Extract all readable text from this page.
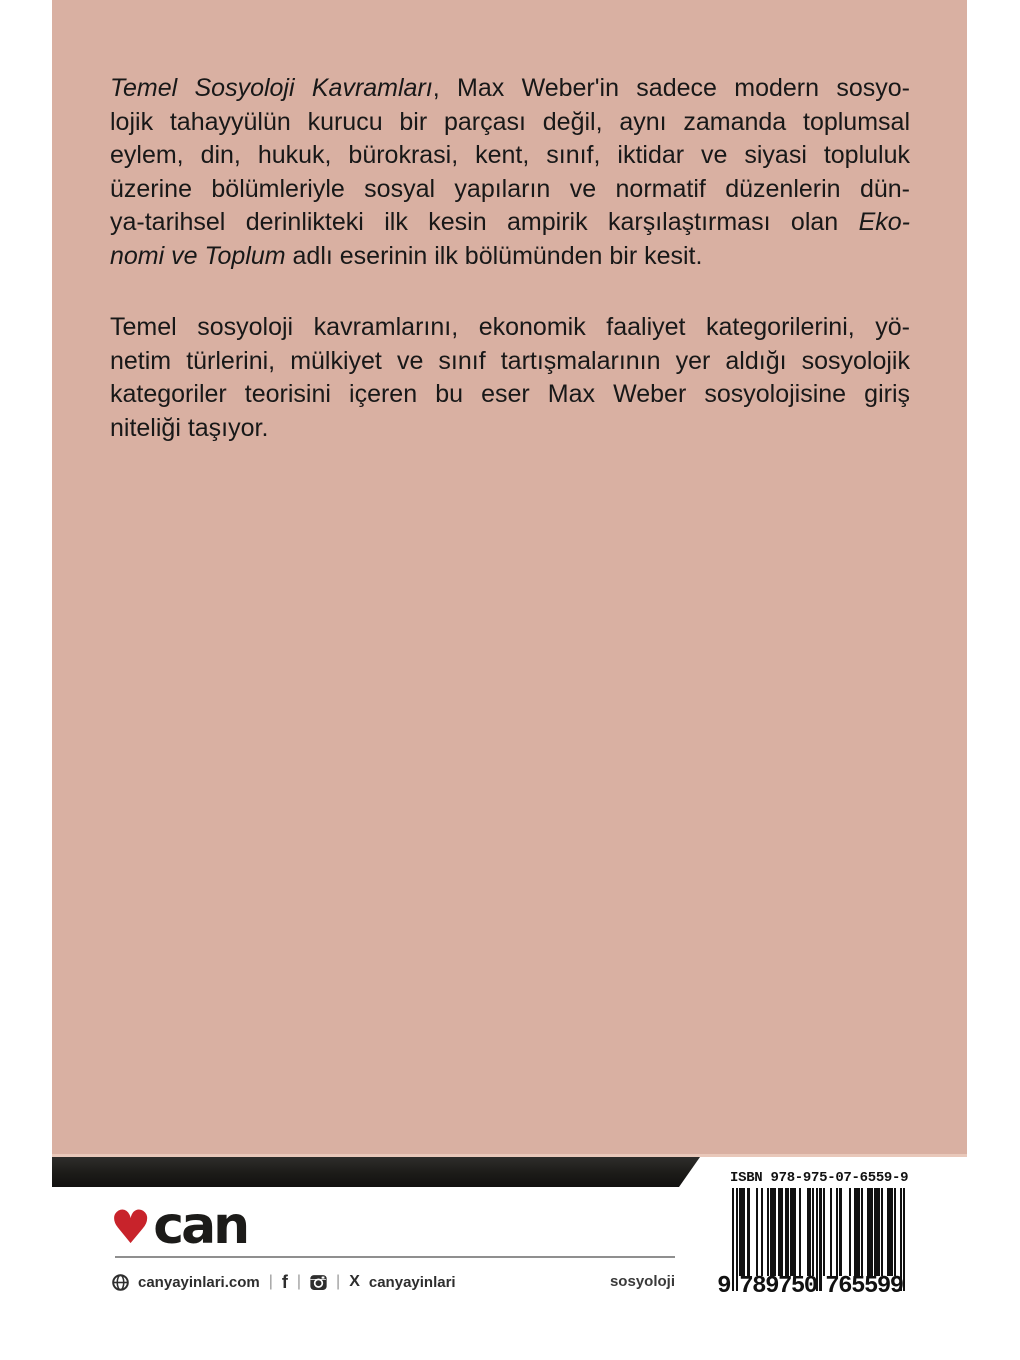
Temel Sosyoloji Kavramları, Max Weber'in sadece modern sosyo-
lojik tahayyülün kurucu bir parçası değil, aynı zamanda toplumsal
eylem, din, hukuk, bürokrasi, kent, sınıf, iktidar ve siyasi topluluk
üzerine bölümleriyle sosyal yapıların ve normatif düzenlerin dün-
ya-tarihsel derinlikteki ilk kesin ampirik karşılaştırması olan Eko-
nomi ve Toplum adlı eserinin ilk bölümünden bir kesit.
Temel sosyoloji kavramlarını, ekonomik faaliyet kategorilerini, yö-
netim türlerini, mülkiyet ve sınıf tartışmalarının yer aldığı sosyolojik
kategoriler teorisini içeren bu eser Max Weber sosyolojisine giriş
niteliği taşıyor.
♥ can
canyayinlari.com | f | | X canyayinlari	sosyoloji
ISBN 978-975-07-6559-9
9 789750 765599
